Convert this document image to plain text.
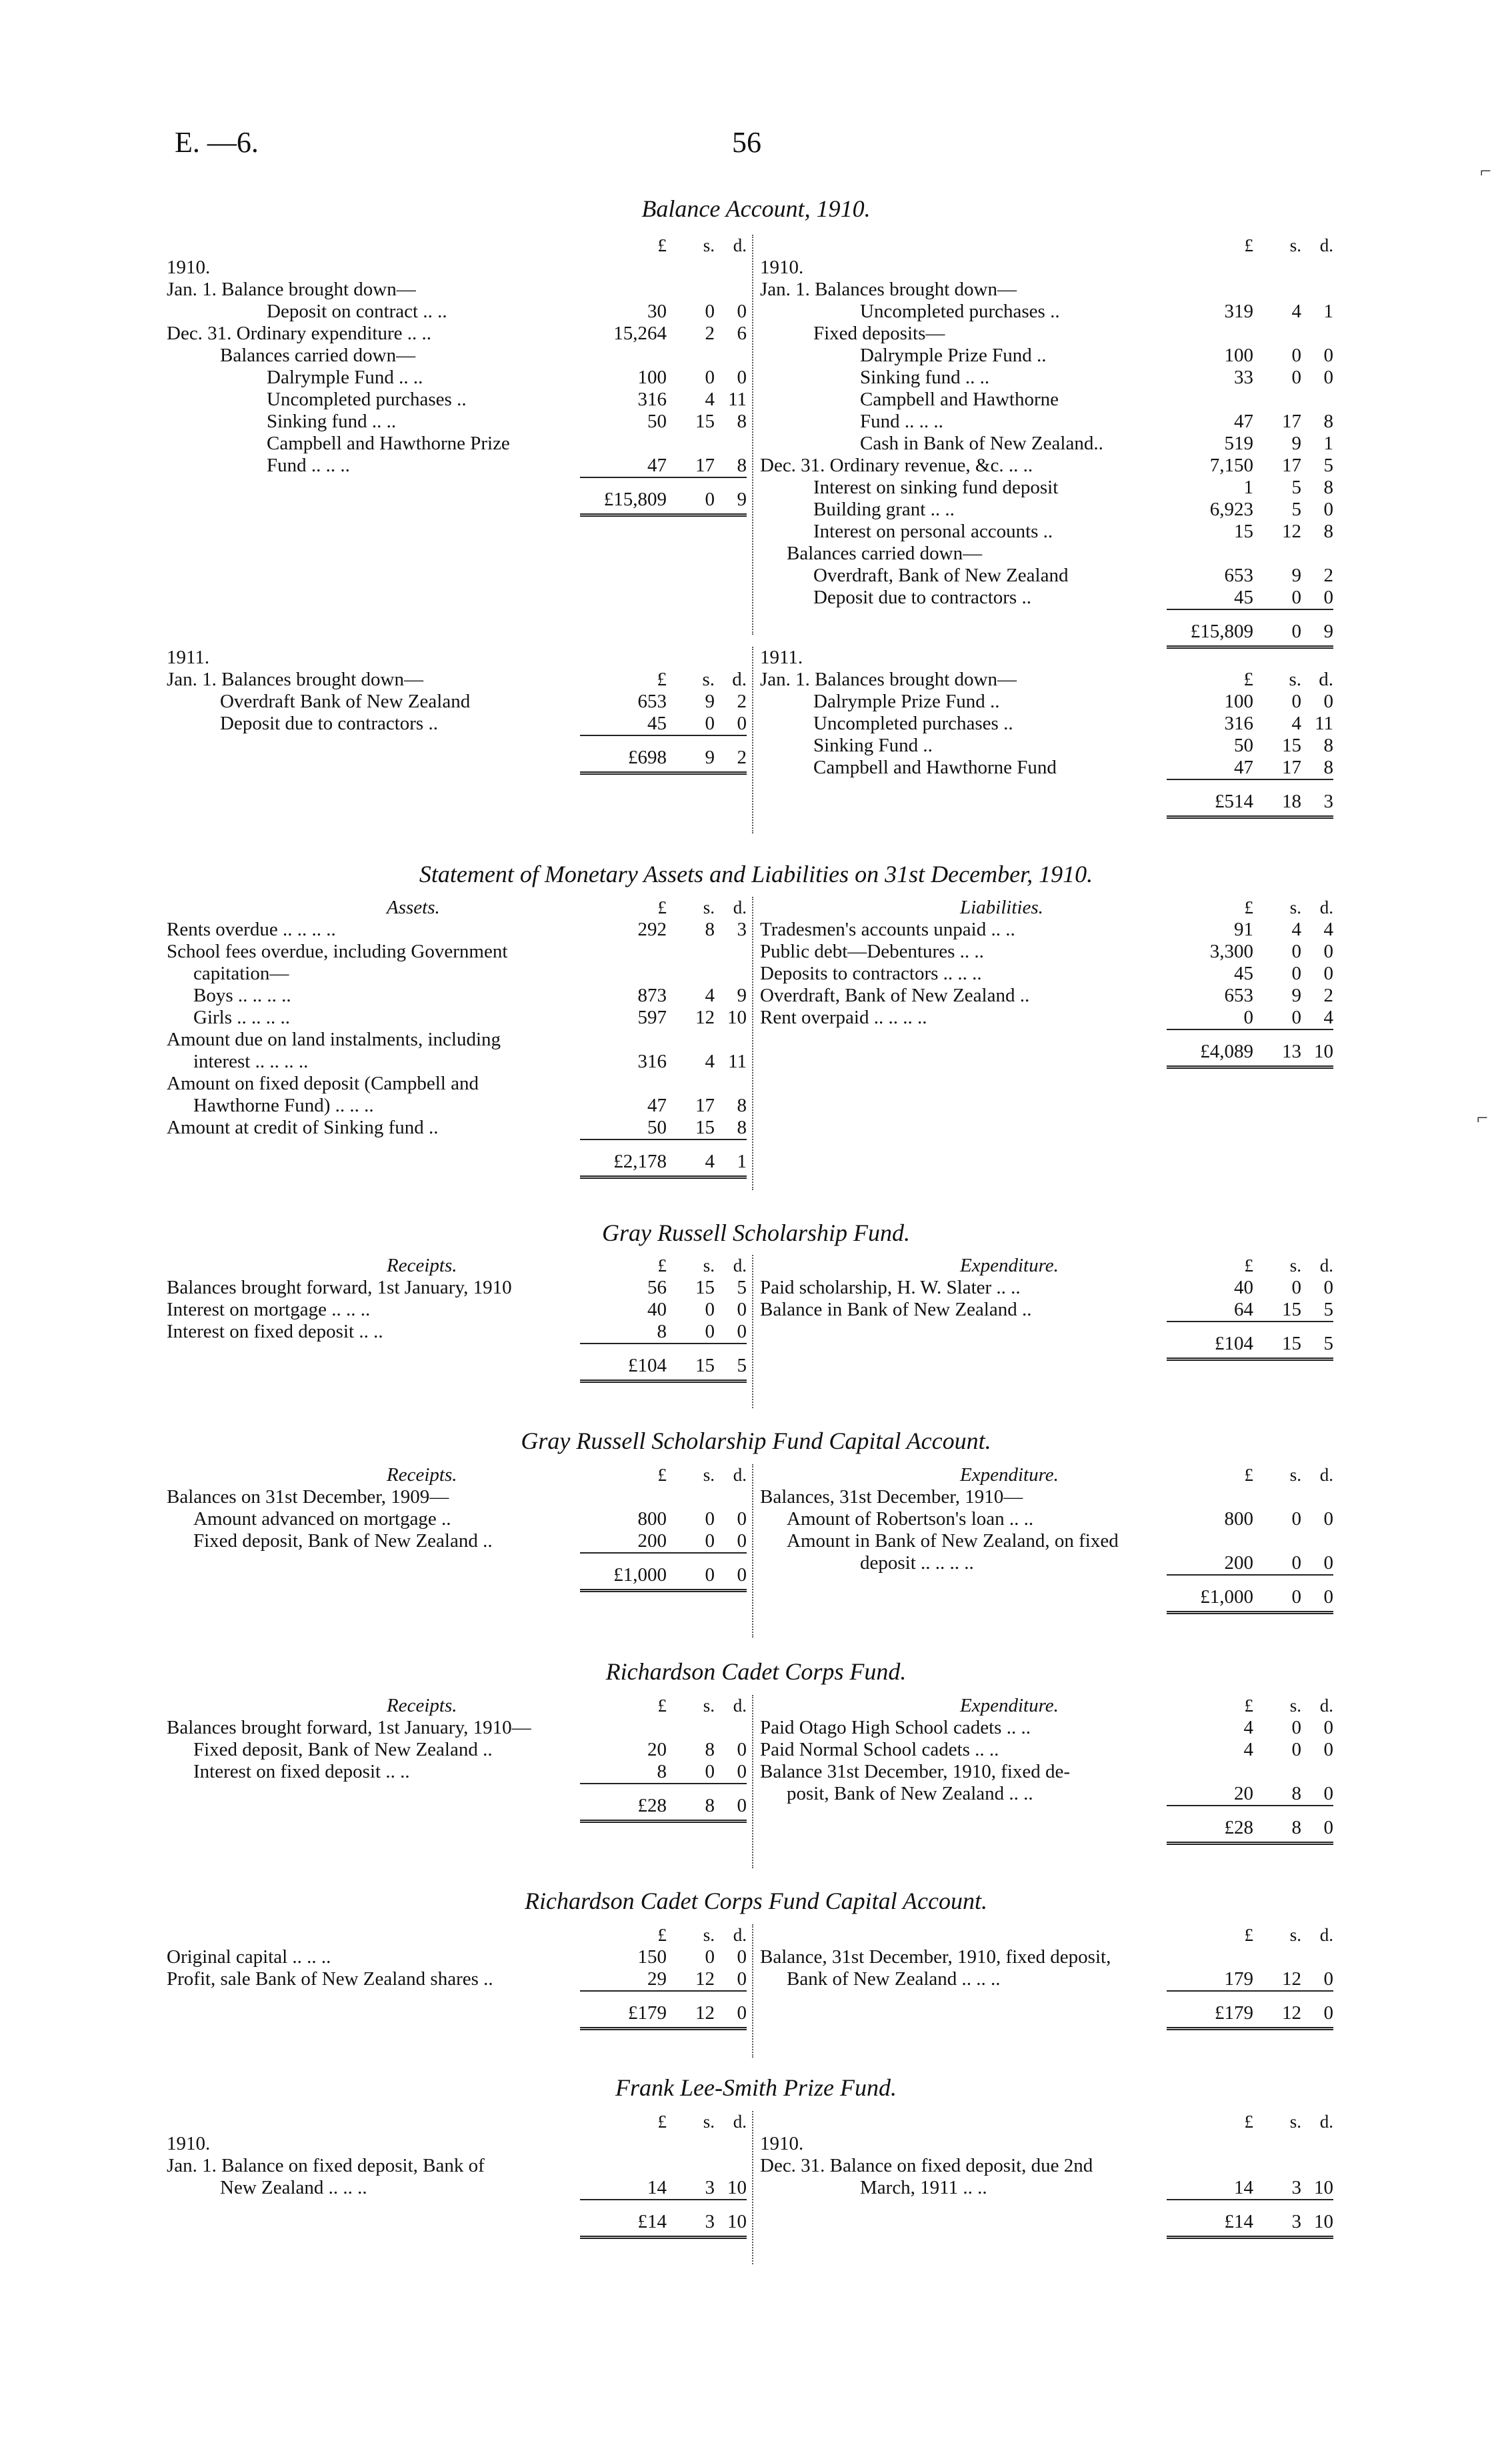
E. —6.	56
⌐
⌐
Balance Account, 1910.
£	s.	d.
1910.
Jan. 1. Balance brought down—
Deposit on contract .. ..	30	0	0
Dec. 31. Ordinary expenditure .. ..	15,264	2	6
Balances carried down—
Dalrymple Fund .. ..	100	0	0
Uncompleted purchases ..	316	4 11
Sinking fund .. ..	50	15	8
Campbell and Hawthorne Prize
Fund .. .. ..	47	17	8
£15,809	0	9
£	s.	d.
1910.
Jan. 1. Balances brought down—
Uncompleted purchases ..	319	4	1
Fixed deposits—
Dalrymple Prize Fund ..	100	0	0
Sinking fund .. ..	33	0	0
Campbell and Hawthorne
Fund .. .. ..	47	17	8
Cash in Bank of New Zealand..	519	9	1
Dec. 31. Ordinary revenue, &c. .. ..	7,150	17	5
Interest on sinking fund deposit	1	5	8
Building grant .. ..	6,923	5	0
Interest on personal accounts ..	15	12	8
Balances carried down—
Overdraft, Bank of New Zealand	653	9	2
Deposit due to contractors ..	45	0	0
£15,809	0	9
1911.
Jan. 1. Balances brought down—	£	s. d.
Overdraft Bank of New Zealand	653	9	2
Deposit due to contractors ..	45	0	0
£698	9	2
1911.
Jan. 1. Balances brought down—	£	s. d.
Dalrymple Prize Fund ..	100	0	0
Uncompleted purchases ..	316	4 11
Sinking Fund ..	50	15	8
Campbell and Hawthorne Fund	47	17	8
£514	18	3
Statement of Monetary Assets and Liabilities on 31st December, 1910.
Assets.	£	s.	d.
Rents overdue .. .. .. ..	292	8	3
School fees overdue, including Government
capitation—
Boys .. .. .. ..	873	4	9
Girls .. .. .. ..	597	12 10
Amount due on land instalments, including
interest .. .. .. ..	316	4 11
Amount on fixed deposit (Campbell and
Hawthorne Fund) .. .. ..	47	17	8
Amount at credit of Sinking fund ..	50	15	8
£2,178	4	1
Liabilities.	£	s.	d.
Tradesmen's accounts unpaid .. ..	91	4	4
Public debt—Debentures .. ..	3,300	0	0
Deposits to contractors .. .. ..	45	0	0
Overdraft, Bank of New Zealand ..	653	9	2
Rent overpaid .. .. .. ..	0	0	4
£4,089	13 10
Gray Russell Scholarship Fund.
Receipts.	£	s.	d.
Balances brought forward, 1st January, 1910	56	15	5
Interest on mortgage .. .. ..	40	0	0
Interest on fixed deposit .. ..	8	0	0
£104	15	5
Expenditure.	£	s.	d.
Paid scholarship, H. W. Slater .. ..	40	0	0
Balance in Bank of New Zealand ..	64	15	5
£104	15	5
Gray Russell Scholarship Fund Capital Account.
Receipts.	£	s.	d.
Balances on 31st December, 1909—
Amount advanced on mortgage ..	800	0	0
Fixed deposit, Bank of New Zealand ..	200	0	0
£1,000	0	0
Expenditure.	£	s.	d.
Balances, 31st December, 1910—
Amount of Robertson's loan .. ..	800	0	0
Amount in Bank of New Zealand, on fixed
deposit .. .. .. ..	200	0	0
£1,000	0	0
Richardson Cadet Corps Fund.
Receipts.	£	s.	d.
Balances brought forward, 1st January, 1910—
Fixed deposit, Bank of New Zealand ..	20	8	0
Interest on fixed deposit .. ..	8	0	0
£28	8	0
Expenditure.	£	s.	d.
Paid Otago High School cadets .. ..	4	0	0
Paid Normal School cadets .. ..	4	0	0
Balance 31st December, 1910, fixed de-
posit, Bank of New Zealand .. ..	20	8	0
£28	8	0
Richardson Cadet Corps Fund Capital Account.
£	s.	d.
Original capital .. .. ..	150	0	0
Profit, sale Bank of New Zealand shares ..	29	12	0
£179	12	0
£	s.	d.
Balance, 31st December, 1910, fixed deposit,
Bank of New Zealand .. .. ..	179	12	0
£179	12	0
Frank Lee-Smith Prize Fund.
£	s.	d.
1910.
Jan. 1. Balance on fixed deposit, Bank of
New Zealand .. .. ..	14	3 10
£14	3 10
£	s.	d.
1910.
Dec. 31. Balance on fixed deposit, due 2nd
March, 1911 .. ..	14	3 10
£14	3 10
